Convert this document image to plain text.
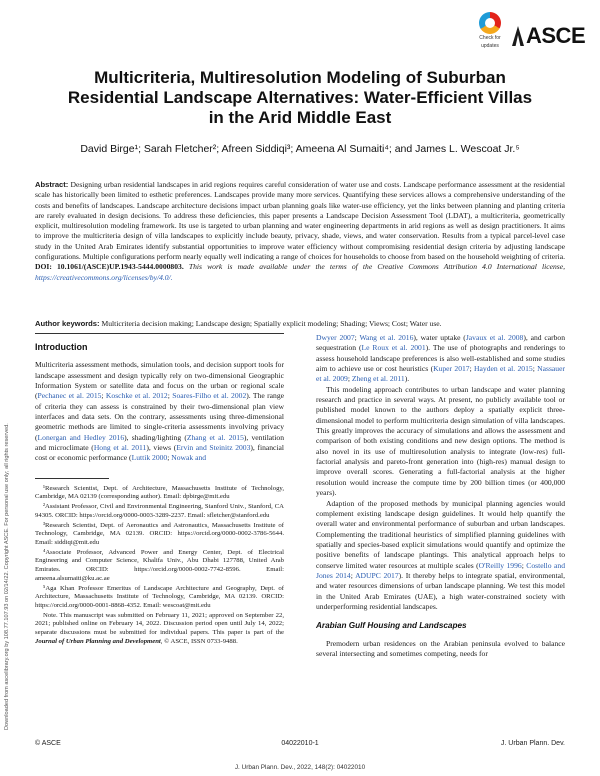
Downloaded from ascelibrary.org by 108.77.107.93 on 02/14/22. Copyright ASCE. For personal use only; all rights reserved.
Check for
updates	ASCE
Multicriteria, Multiresolution Modeling of Suburban
Residential Landscape Alternatives: Water-Efficient Villas
in the Arid Middle East
David Birge¹; Sarah Fletcher²; Afreen Siddiqi³; Ameena Al Sumaiti⁴; and James L. Wescoat Jr.⁵
Abstract: Designing urban residential landscapes in arid regions requires careful consideration of water use and costs. Landscape performance assessment at the residential scale has historically been limited to esthetic preferences. Landscapes provide many more services. Quantifying these services allows a comprehensive understanding of the costs and benefits of landscapes. Landscape architecture decisions impact urban planning goals like water-use efficiency, yet the links between planning and planting criteria are rarely evaluated in design decisions. To address these deficiencies, this paper presents a Landscape Decision Assessment Tool (LDAT), a multicriteria, geometrically explicit, multiresolution modeling framework. Its use is targeted to urban planning and water engineering departments in arid regions as well as design practitioners. It aims to improve the multicriteria design of villa landscapes to explicitly include beauty, privacy, shade, views, and water conservation. Results from a typical parcel-level case study in the United Arab Emirates identify substantial opportunities to improve water efficiency without compromising residential design criteria by adjusting landscape configurations. Multiple configurations perform nearly equally well indicating a range of choices for households to choose from based on the household weighting of criteria. DOI: 10.1061/(ASCE)UP.1943-5444.0000803. This work is made available under the terms of the Creative Commons Attribution 4.0 International license, https://creativecommons.org/licenses/by/4.0/.
Author keywords: Multicriteria decision making; Landscape design; Spatially explicit modeling; Shading; Views; Cost; Water use.
Introduction

Multicriteria assessment methods, simulation tools, and decision support tools for landscape assessment and design typically rely on two-dimensional Geographic Information System or satellite data and focus on the urban or regional scale (Pechanec et al. 2015; Koschke et al. 2012; Soares-Filho et al. 2002). The range of criteria they can assess is constrained by their two-dimensional plan view interfaces and data sets. On the contrary, assessments using three-dimensional geometric methods are limited to single-criteria assessments involving privacy (Lonergan and Hedley 2016), shading/lighting (Zhang et al. 2015), ventilation and microclimate (Hong et al. 2011), views (Ervin and Steinitz 2003), financial cost or economic performance (Luttik 2000; Nowak and

¹Research Scientist, Dept. of Architecture, Massachusetts Institute of Technology, Cambridge, MA 02139 (corresponding author). Email: dpbirge@mit.edu

²Assistant Professor, Civil and Environmental Engineering, Stanford Univ., Stanford, CA 94305. ORCID: https://orcid.org/0000-0003-3289-2237. Email: sfletcher@stanford.edu

³Research Scientist, Dept. of Aeronautics and Astronautics, Massachusetts Institute of Technology, Cambridge, MA 02139. ORCID: https://orcid.org/0000-0002-3786-5644. Email: siddiqi@mit.edu

⁴Associate Professor, Advanced Power and Energy Center, Dept. of Electrical Engineering and Computer Science, Khalifa Univ., Abu Dhabi 127788, United Arab Emirates. ORCID: https://orcid.org/0000-0002-7742-8596. Email: ameena.alsumaiti@ku.ac.ae

⁵Aga Khan Professor Emeritus of Landscape Architecture and Geography, Dept. of Architecture, Massachusetts Institute of Technology, Cambridge, MA 02139. ORCID: https://orcid.org/0000-0001-8868-4352. Email: wescoat@mit.edu

Note. This manuscript was submitted on February 11, 2021; approved on September 22, 2021; published online on February 14, 2022. Discussion period open until July 14, 2022; separate discussions must be submitted for individual papers. This paper is part of the Journal of Urban Planning and Development, © ASCE, ISSN 0733-9488.

Dwyer 2007; Wang et al. 2016), water uptake (Javaux et al. 2008), and carbon sequestration (Le Roux et al. 2001). The use of photographs and renderings to assess household landscape preferences is also well-established and some studies aim to achieve use or cost heuristics (Kuper 2017; Hayden et al. 2015; Nassauer et al. 2009; Zheng et al. 2011).

This modeling approach contributes to urban landscape and water planning research and practice in several ways. At present, no publicly available tool or published model known to the authors deploy a spatially explicit three-dimensional model to perform multicriteria design simulation of villa landscapes. This greatly improves the accuracy of simulations and allows the assessment and comparison of both existing conditions and new design options. The method is also novel in its use of multiresolution analysis to integrate (low-res) full-factorial analysis and pareto-front generation into (high-res) manual design to improve overall scores. Generating a full-factorial analysis at the higher resolution would increase the compute time by 200 billion times (or 400,000 years).

Adaption of the proposed methods by municipal planning agencies would complement existing landscape design guidelines. It would help quantify the overall water and environmental performance of suburban and urban landscapes. Complementing the traditional heuristics of simplified planning guidelines with spatially and species-based explicit simulations would quantify and optimize the positive benefits of landscape plantings. This analytical approach helps to conserve limited water resources at multiple scales (O'Reilly 1996; Costello and Jones 2014; ADUPC 2017). It thereby helps to integrate spatial, environmental, and water resources dimensions of urban landscape planning. We test this model in the United Arab Emirates (UAE), a high water-constrained society with underperforming residential landscapes.

Arabian Gulf Housing and Landscapes

Premodern urban residences on the Arabian peninsula evolved to balance several intersecting and sometimes competing, needs for

© ASCE	04022010-1	J. Urban Plann. Dev.
J. Urban Plann. Dev., 2022, 148(2): 04022010
